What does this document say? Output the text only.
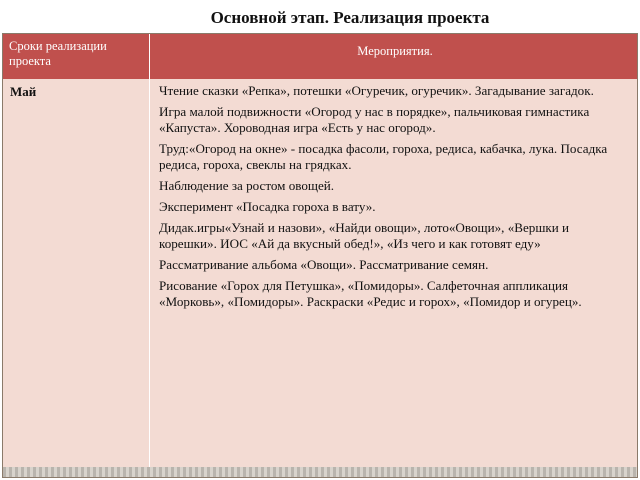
Основной этап. Реализация проекта
Сроки реализации проекта
Мероприятия.
Май	Чтение сказки «Репка», потешки «Огуречик, огуречик». Загадывание загадок.

Игра малой подвижности «Огород у нас в порядке», пальчиковая гимнастика «Капуста». Хороводная игра «Есть у нас огород».

Труд:«Огород на окне» - посадка фасоли, гороха, редиса, кабачка, лука. Посадка редиса, гороха, свеклы на грядках.

Наблюдение за ростом овощей.

Эксперимент «Посадка гороха в вату».

Дидак.игры«Узнай и назови», «Найди овощи», лото«Овощи», «Вершки и корешки». ИОС «Ай да вкусный обед!», «Из чего и как готовят еду»

Рассматривание альбома «Овощи». Рассматривание семян.

Рисование «Горох для Петушка», «Помидоры». Салфеточная аппликация «Морковь», «Помидоры». Раскраски «Редис и горох», «Помидор и огурец».
